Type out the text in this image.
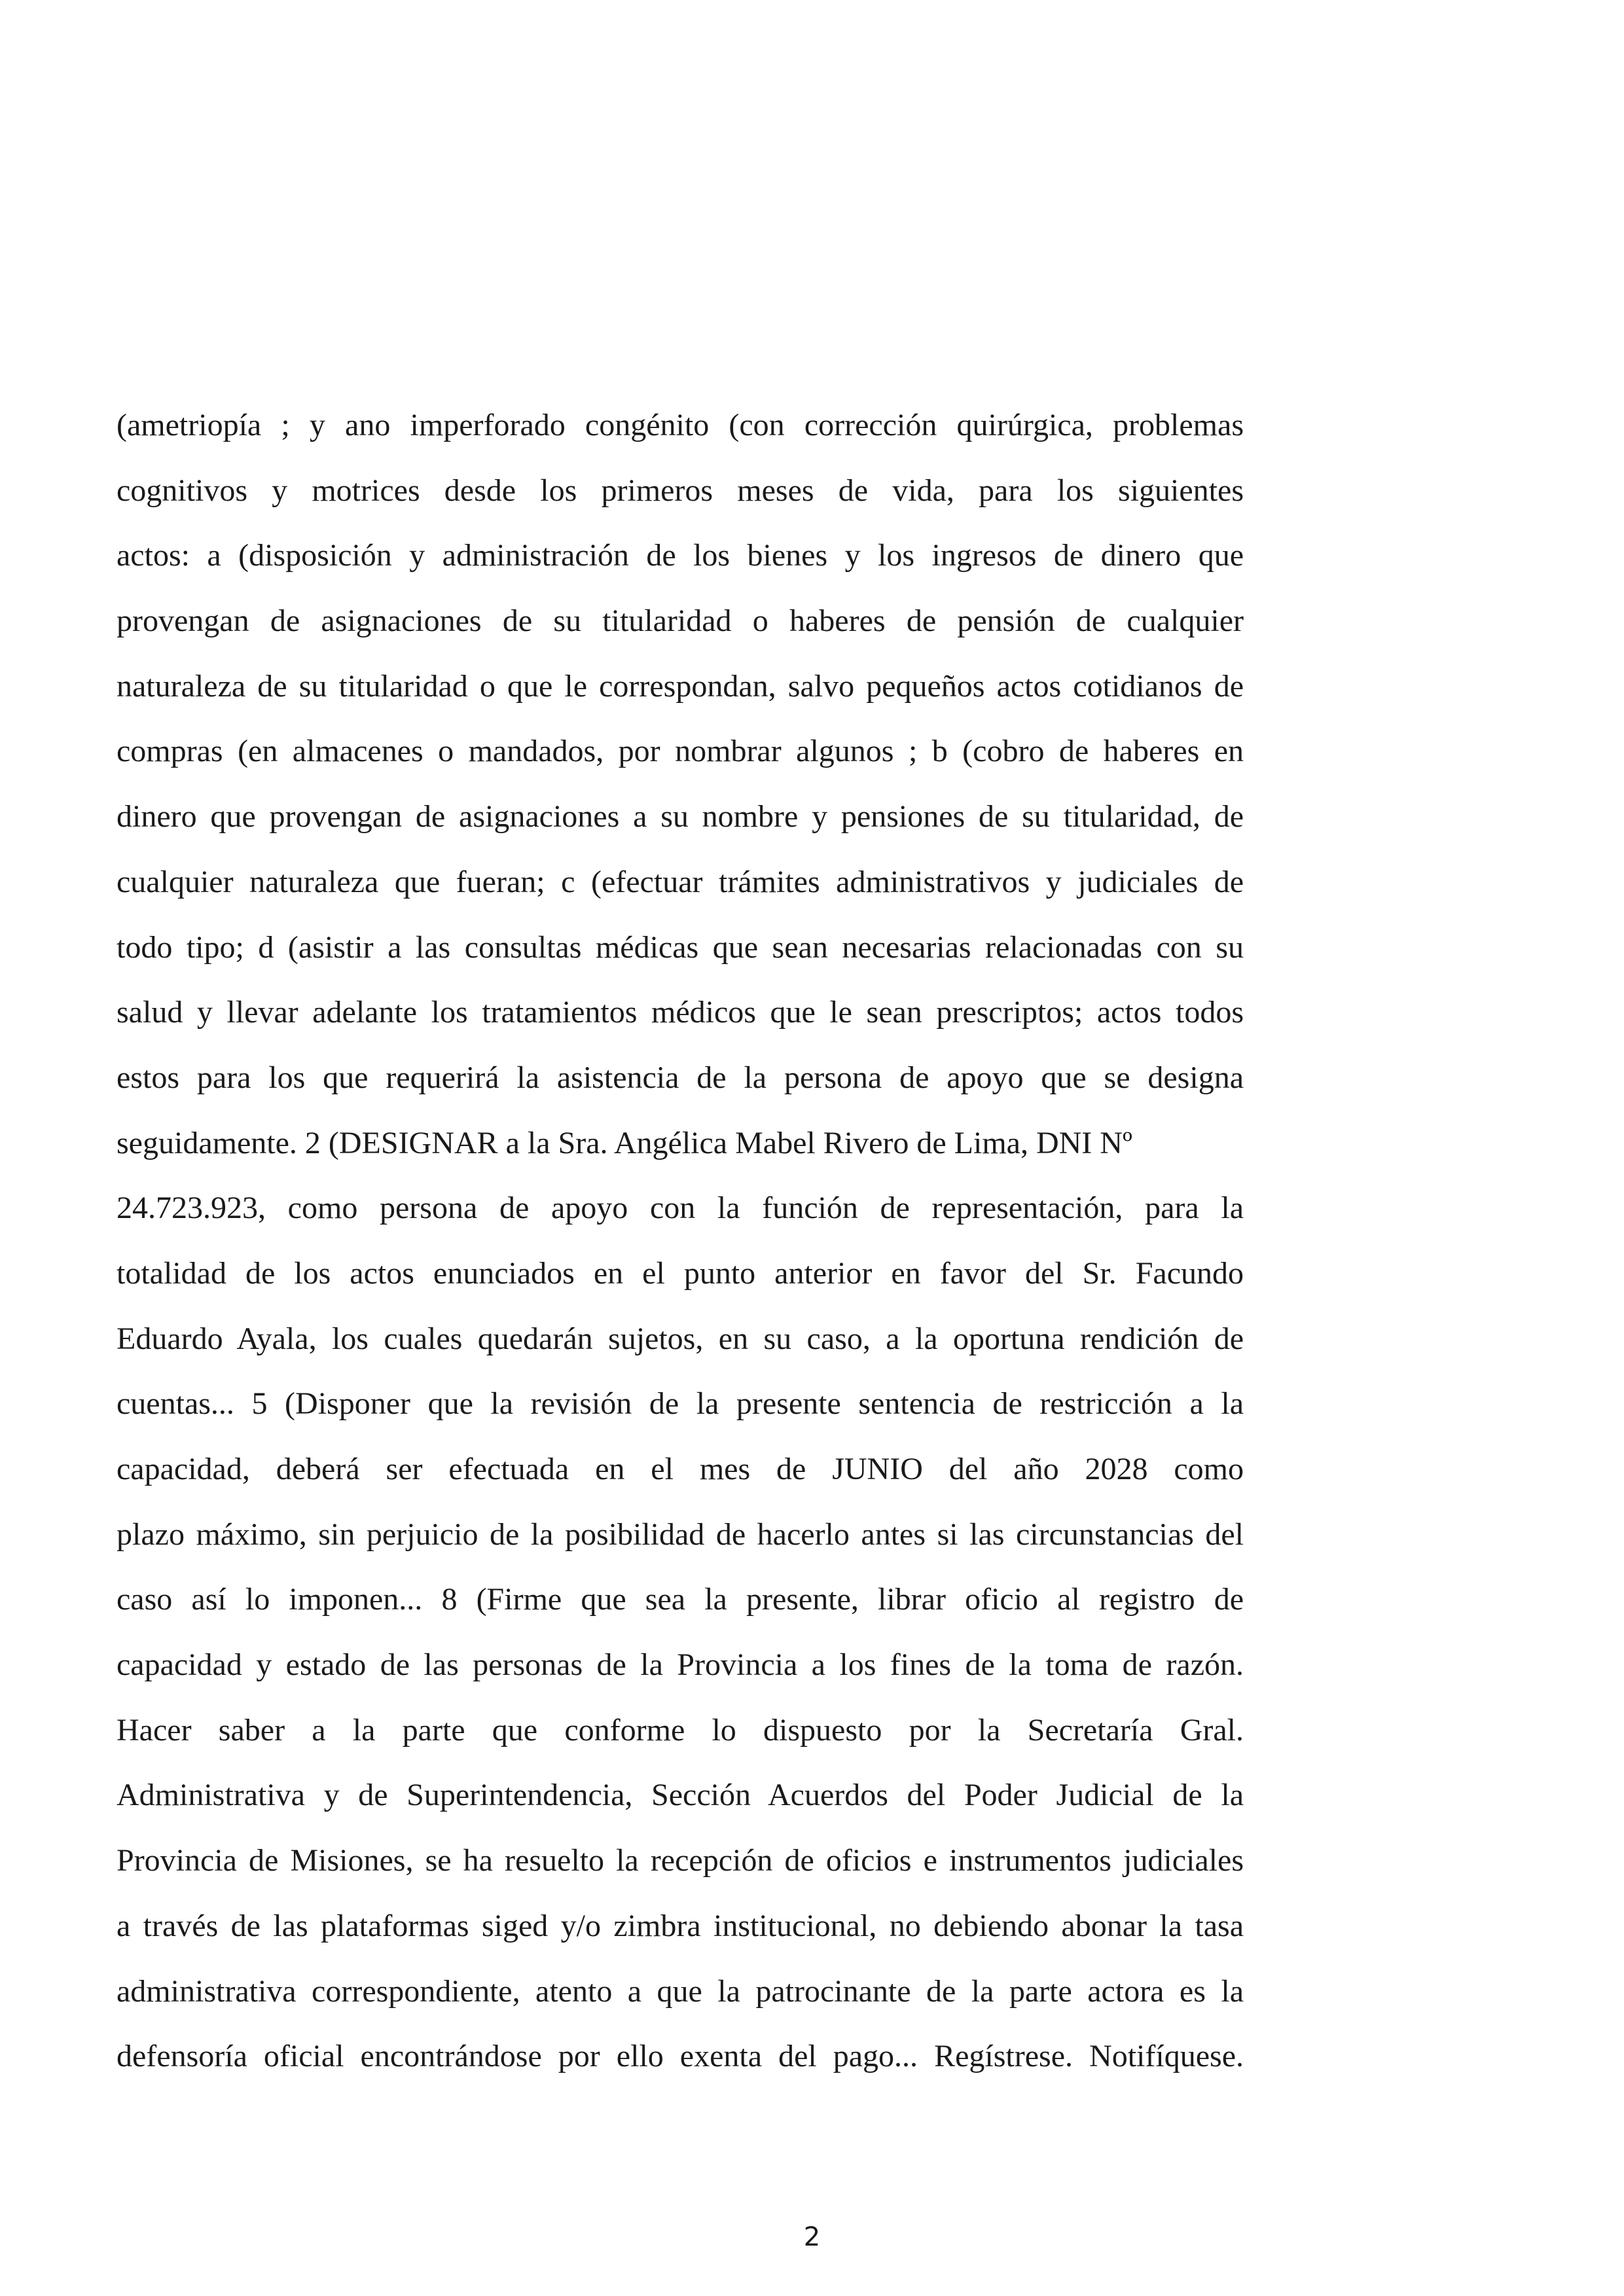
(ametriopía ; y ano imperforado congénito (con corrección quirúrgica, problemas
cognitivos y motrices desde los primeros meses de vida, para los siguientes
actos: a (disposición y administración de los bienes y los ingresos de dinero que
provengan de asignaciones de su titularidad o haberes de pensión de cualquier
naturaleza de su titularidad o que le correspondan, salvo pequeños actos cotidianos de
compras (en almacenes o mandados, por nombrar algunos ; b (cobro de haberes en
dinero que provengan de asignaciones a su nombre y pensiones de su titularidad, de
cualquier naturaleza que fueran; c (efectuar trámites administrativos y judiciales de
todo tipo; d (asistir a las consultas médicas que sean necesarias relacionadas con su
salud y llevar adelante los tratamientos médicos que le sean prescriptos; actos todos
estos para los que requerirá la asistencia de la persona de apoyo que se designa
seguidamente. 2 (DESIGNAR a la Sra. Angélica Mabel Rivero de Lima, DNI Nº
24.723.923, como persona de apoyo con la función de representación, para la
totalidad de los actos enunciados en el punto anterior en favor del Sr. Facundo
Eduardo Ayala, los cuales quedarán sujetos, en su caso, a la oportuna rendición de
cuentas... 5 (Disponer que la revisión de la presente sentencia de restricción a la
capacidad, deberá ser efectuada en el mes de JUNIO del año 2028 como
plazo máximo, sin perjuicio de la posibilidad de hacerlo antes si las circunstancias del
caso así lo imponen... 8 (Firme que sea la presente, librar oficio al registro de
capacidad y estado de las personas de la Provincia a los fines de la toma de razón.
Hacer saber a la parte que conforme lo dispuesto por la Secretaría Gral.
Administrativa y de Superintendencia, Sección Acuerdos del Poder Judicial de la
Provincia de Misiones, se ha resuelto la recepción de oficios e instrumentos judiciales
a través de las plataformas siged y/o zimbra institucional, no debiendo abonar la tasa
administrativa correspondiente, atento a que la patrocinante de la parte actora es la
defensoría oficial encontrándose por ello exenta del pago... Regístrese. Notifíquese.

2
